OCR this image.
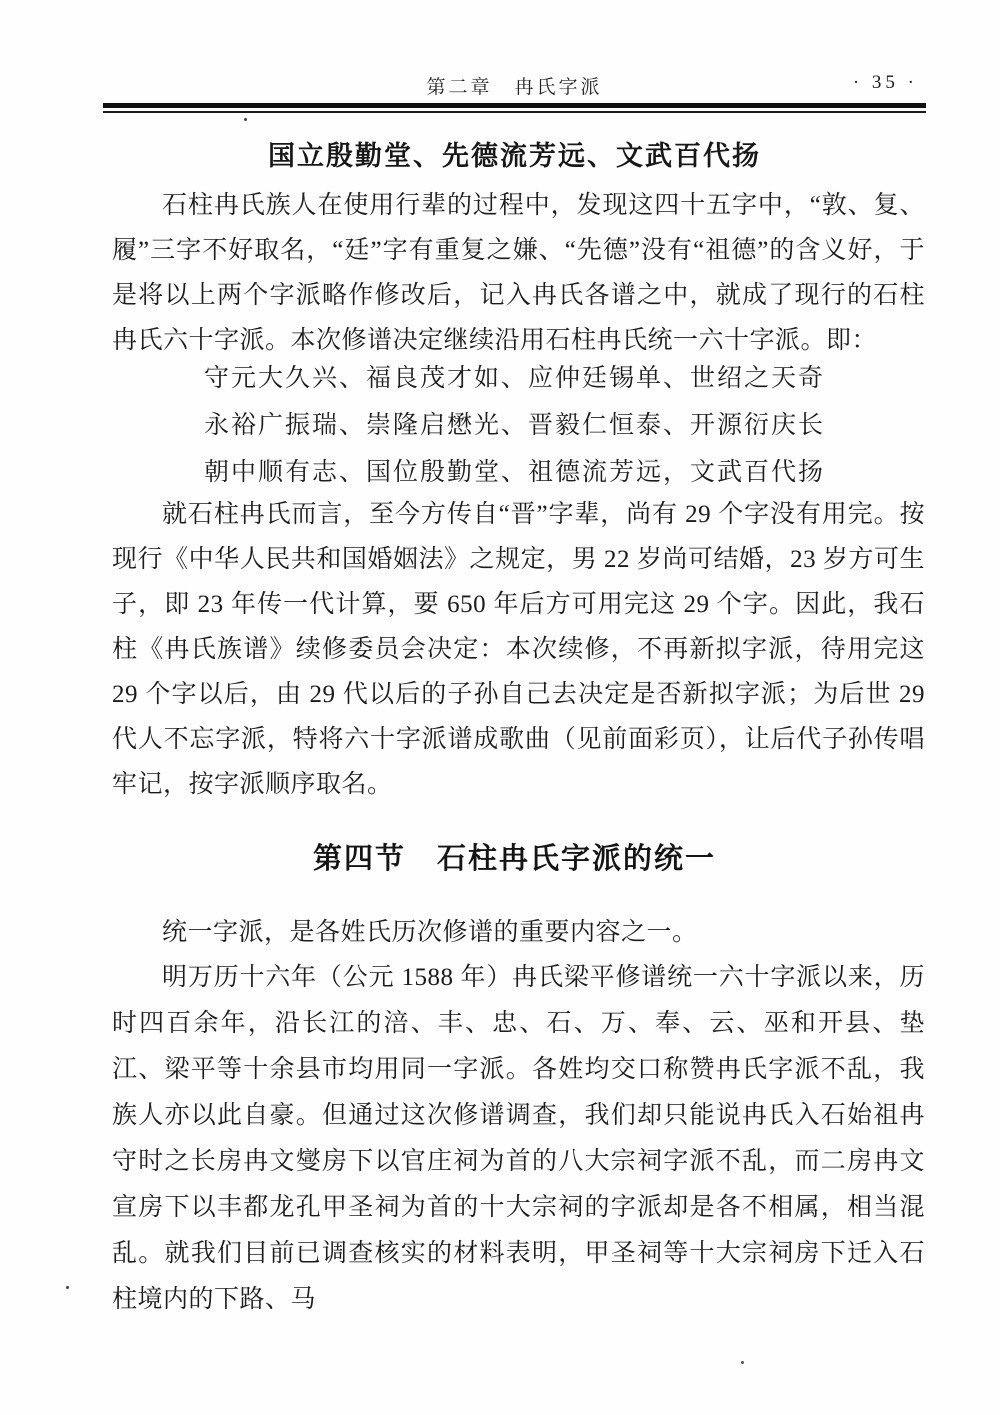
第二章　冉氏字派	· 35 ·
国立殷勤堂、先德流芳远、文武百代扬
石柱冉氏族人在使用行辈的过程中，发现这四十五字中，“敦、复、履”三字不好取名，“廷”字有重复之嫌、“先德”没有“祖德”的含义好，于是将以上两个字派略作修改后，记入冉氏各谱之中，就成了现行的石柱冉氏六十字派。本次修谱决定继续沿用石柱冉氏统一六十字派。即：
守元大久兴、福良茂才如、应仲廷锡单、世绍之天奇
永裕广振瑞、崇隆启懋光、晋毅仁恒泰、开源衍庆长
朝中顺有志、国位殷勤堂、祖德流芳远，文武百代扬
就石柱冉氏而言，至今方传自“晋”字辈，尚有 29 个字没有用完。按现行《中华人民共和国婚姻法》之规定，男 22 岁尚可结婚，23 岁方可生子，即 23 年传一代计算，要 650 年后方可用完这 29 个字。因此，我石柱《冉氏族谱》续修委员会决定：本次续修，不再新拟字派，待用完这 29 个字以后，由 29 代以后的子孙自己去决定是否新拟字派；为后世 29 代人不忘字派，特将六十字派谱成歌曲（见前面彩页），让后代子孙传唱牢记，按字派顺序取名。
第四节　石柱冉氏字派的统一
统一字派，是各姓氏历次修谱的重要内容之一。
明万历十六年（公元 1588 年）冉氏梁平修谱统一六十字派以来，历时四百余年，沿长江的涪、丰、忠、石、万、奉、云、巫和开县、垫江、梁平等十余县市均用同一字派。各姓均交口称赞冉氏字派不乱，我族人亦以此自豪。但通过这次修谱调查，我们却只能说冉氏入石始祖冉守时之长房冉文燮房下以官庄祠为首的八大宗祠字派不乱，而二房冉文宣房下以丰都龙孔甲圣祠为首的十大宗祠的字派却是各不相属，相当混乱。就我们目前已调查核实的材料表明，甲圣祠等十大宗祠房下迁入石柱境内的下路、马
